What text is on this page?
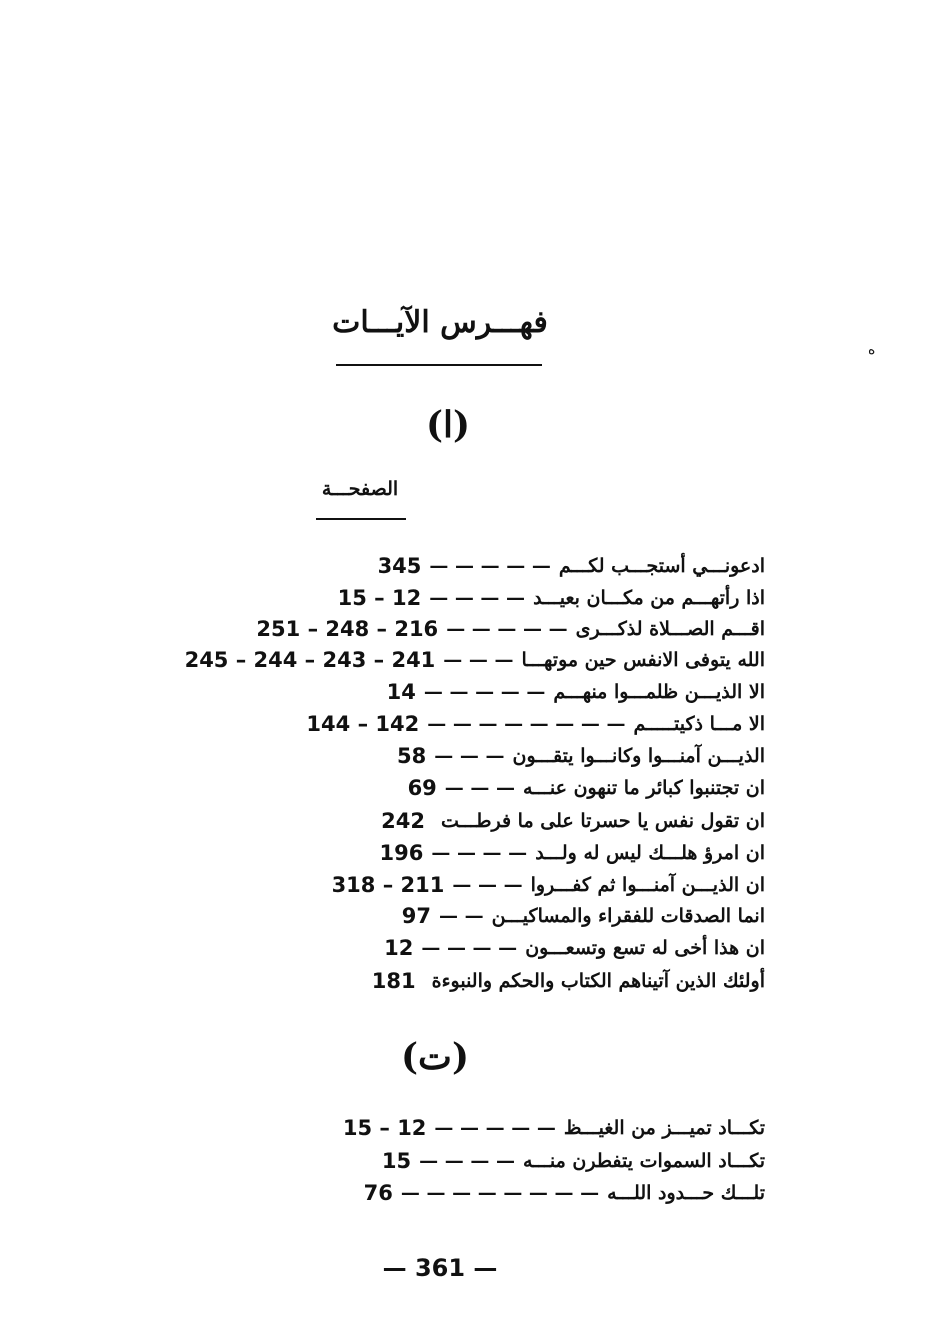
فهـــرس الآيـــات
ه
(ا)
الصفحـــة
ادعونـــي أستجـــب لكـــم
— — — — —
345
اذا رأتهـــم من مكـــان بعيـــد
— — — —
15 – 12
اقـــم الصـــلاة لذكـــرى
— — — — —
251 – 248 – 216
الله يتوفى الانفس حين موتهـــا
— — —
245 – 244 – 243 – 241
الا الذيـــن ظلمـــوا منهـــم
— — — — —
14
الا مـــا ذكيتـــــم
— — — — — — — —
144 – 142
الذيـــن آمنـــوا وكانـــوا يتقـــون
— — —
58
ان تجتنبوا كبائر ما تنهون عنـــه
— — —
69
ان تقول نفس يا حسرتا على ما فرطـــت
242
ان امرؤ هلـــك ليس له ولـــد
— — — —
196
ان الذيـــن آمنـــوا ثم كفـــروا
— — —
318 – 211
انما الصدقات للفقراء والمساكيـــن
— —
97
ان هذا أخى له تسع وتسعـــون
— — — —
12
أولئك الذين آتيناهم الكتاب والحكم والنبوءة
181
(ت)
تكـــاد تميـــز من الغيـــظ
— — — — —
15 – 12
تكـــاد السموات يتفطرن منـــه
— — — —
15
تلـــك حـــدود اللـــه
— — — — — — — —
76
— 361 —
